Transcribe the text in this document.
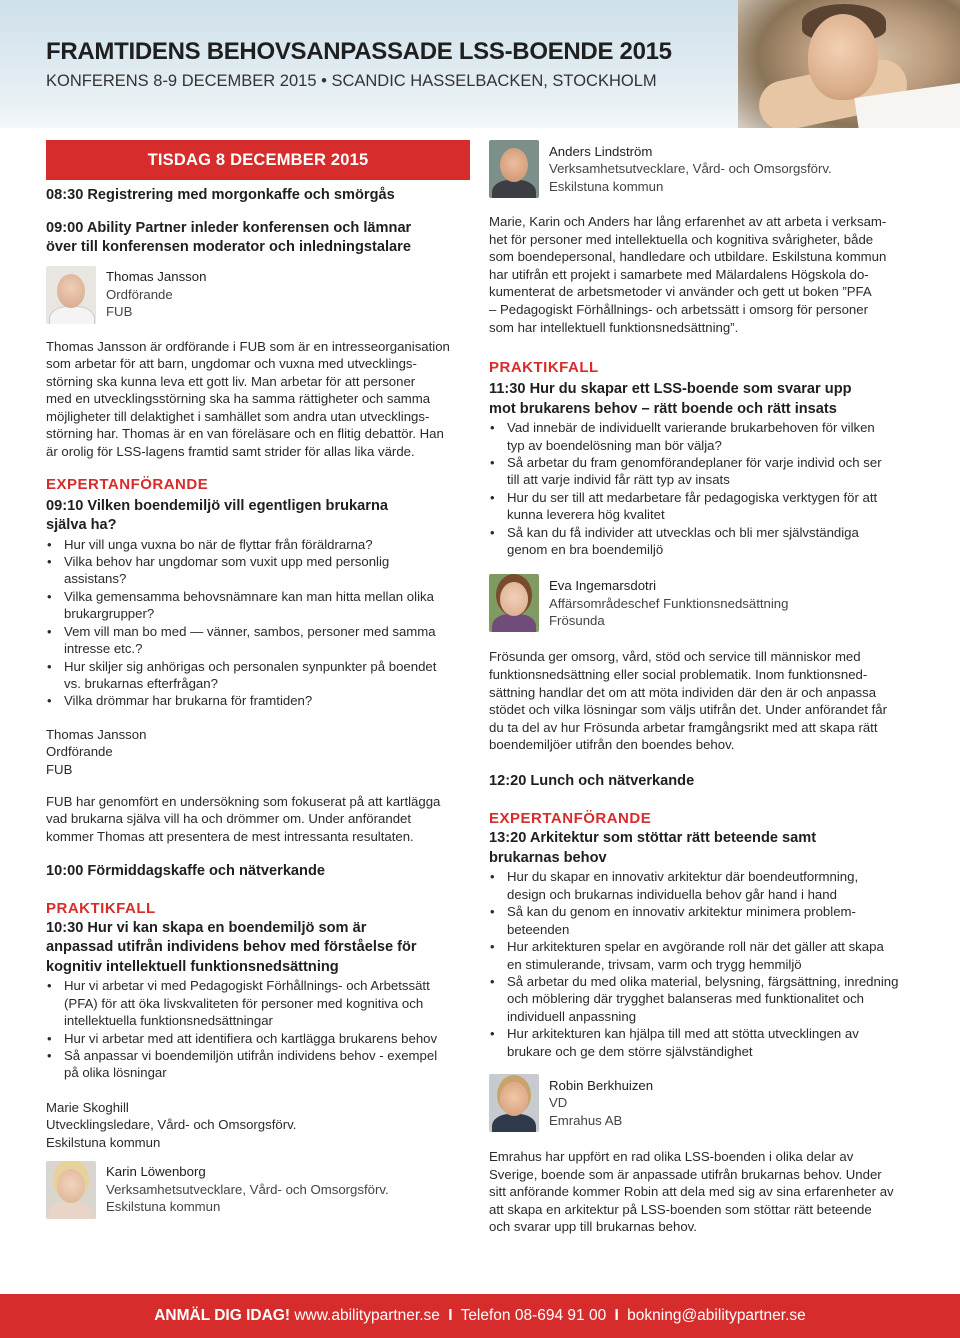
FRAMTIDENS BEHOVSANPASSADE LSS-BOENDE 2015

KONFERENS 8-9 DECEMBER 2015 • SCANDIC HASSELBACKEN, STOCKHOLM

TISDAG 8 DECEMBER 2015

08:30 Registrering med morgonkaffe och smörgås

09:00 Ability Partner inleder konferensen och lämnar

över till konferensen moderator och inledningstalare

Thomas Jansson
Ordförande
FUB

Thomas Jansson är ordförande i FUB som är en intresseorganisation

som arbetar för att barn, ungdomar och vuxna med utvecklings-

störning ska kunna leva ett gott liv. Man arbetar för att personer

med en utvecklingsstörning ska ha samma rättigheter och samma

möjligheter till delaktighet i samhället som andra utan utvecklings-

störning har. Thomas är en van föreläsare och en flitig debattör. Han

är orolig för LSS-lagens framtid samt strider för allas lika värde.

EXPERTANFÖRANDE

09:10 Vilken boendemiljö vill egentligen brukarna

själva ha?

• Hur vill unga vuxna bo när de flyttar från föräldrarna?
• Vilka behov har ungdomar som vuxit upp med personlig
assistans?
• Vilka gemensamma behovsnämnare kan man hitta mellan olika
brukargrupper?
• Vem vill man bo med — vänner, sambos, personer med samma
intresse etc.?
• Hur skiljer sig anhörigas och personalen synpunkter på boendet
vs. brukarnas efterfrågan?
• Vilka drömmar har brukarna för framtiden?
Thomas Jansson
Ordförande
FUB

FUB har genomfört en undersökning som fokuserat på att kartlägga

vad brukarna själva vill ha och drömmer om. Under anförandet

kommer Thomas att presentera de mest intressanta resultaten.

10:00 Förmiddagskaffe och nätverkande

PRAKTIKFALL

10:30 Hur vi kan skapa en boendemiljö som är

anpassad utifrån individens behov med förståelse för

kognitiv intellektuell funktionsnedsättning

• Hur vi arbetar vi med Pedagogiskt Förhållnings- och Arbetssätt
(PFA) för att öka livskvaliteten för personer med kognitiva och
intellektuella funktionsnedsättningar
• Hur vi arbetar med att identifiera och kartlägga brukarens behov
• Så anpassar vi boendemiljön utifrån individens behov - exempel
på olika lösningar
Marie Skoghill
Utvecklingsledare, Vård- och Omsorgsförv.
Eskilstuna kommun
Karin Löwenborg
Verksamhetsutvecklare, Vård- och Omsorgsförv.
Eskilstuna kommun
Anders Lindström
Verksamhetsutvecklare, Vård- och Omsorgsförv.
Eskilstuna kommun

Marie, Karin och Anders har lång erfarenhet av att arbeta i verksam-

het för personer med intellektuella och kognitiva svårigheter, både

som boendepersonal, handledare och utbildare. Eskilstuna kommun

har utifrån ett projekt i samarbete med Mälardalens Högskola do-

kumenterat de arbetsmetoder vi använder och gett ut boken ”PFA

– Pedagogiskt Förhållnings- och arbetssätt i omsorg för personer

som har intellektuell funktionsnedsättning”.

PRAKTIKFALL

11:30 Hur du skapar ett LSS-boende som svarar upp

mot brukarens behov – rätt boende och rätt insats

• Vad innebär de individuellt varierande brukarbehoven för vilken
typ av boendelösning man bör välja?
• Så arbetar du fram genomförandeplaner för varje individ och ser
till att varje individ får rätt typ av insats
• Hur du ser till att medarbetare får pedagogiska verktygen för att
kunna leverera hög kvalitet
• Så kan du få individer att utvecklas och bli mer självständiga
genom en bra boendemiljö
Eva Ingemarsdotri
Affärsområdeschef Funktionsnedsättning
Frösunda

Frösunda ger omsorg, vård, stöd och service till människor med

funktionsnedsättning eller social problematik. Inom funktionsned-

sättning handlar det om att möta individen där den är och anpassa

stödet och vilka lösningar som väljs utifrån det. Under anförandet får

du ta del av hur Frösunda arbetar framgångsrikt med att skapa rätt

boendemiljöer utifrån den boendes behov.

12:20 Lunch och nätverkande

EXPERTANFÖRANDE

13:20 Arkitektur som stöttar rätt beteende samt

brukarnas behov

• Hur du skapar en innovativ arkitektur där boendeutformning,
design och brukarnas individuella behov går hand i hand
• Så kan du genom en innovativ arkitektur minimera problem-
beteenden
• Hur arkitekturen spelar en avgörande roll när det gäller att skapa
en stimulerande, trivsam, varm och trygg hemmiljö
• Så arbetar du med olika material, belysning, färgsättning, inredning
och möblering där trygghet balanseras med funktionalitet och
individuell anpassning
• Hur arkitekturen kan hjälpa till med att stötta utvecklingen av
brukare och ge dem större självständighet
Robin Berkhuizen
VD
Emrahus AB

Emrahus har uppfört en rad olika LSS-boenden i olika delar av

Sverige, boende som är anpassade utifrån brukarnas behov. Under

sitt anförande kommer Robin att dela med sig av sina erfarenheter av

att skapa en arkitektur på LSS-boenden som stöttar rätt beteende

och svarar upp till brukarnas behov.

ANMÄL DIG IDAG! www.abilitypartner.se I Telefon 08-694 91 00 I bokning@abilitypartner.se
